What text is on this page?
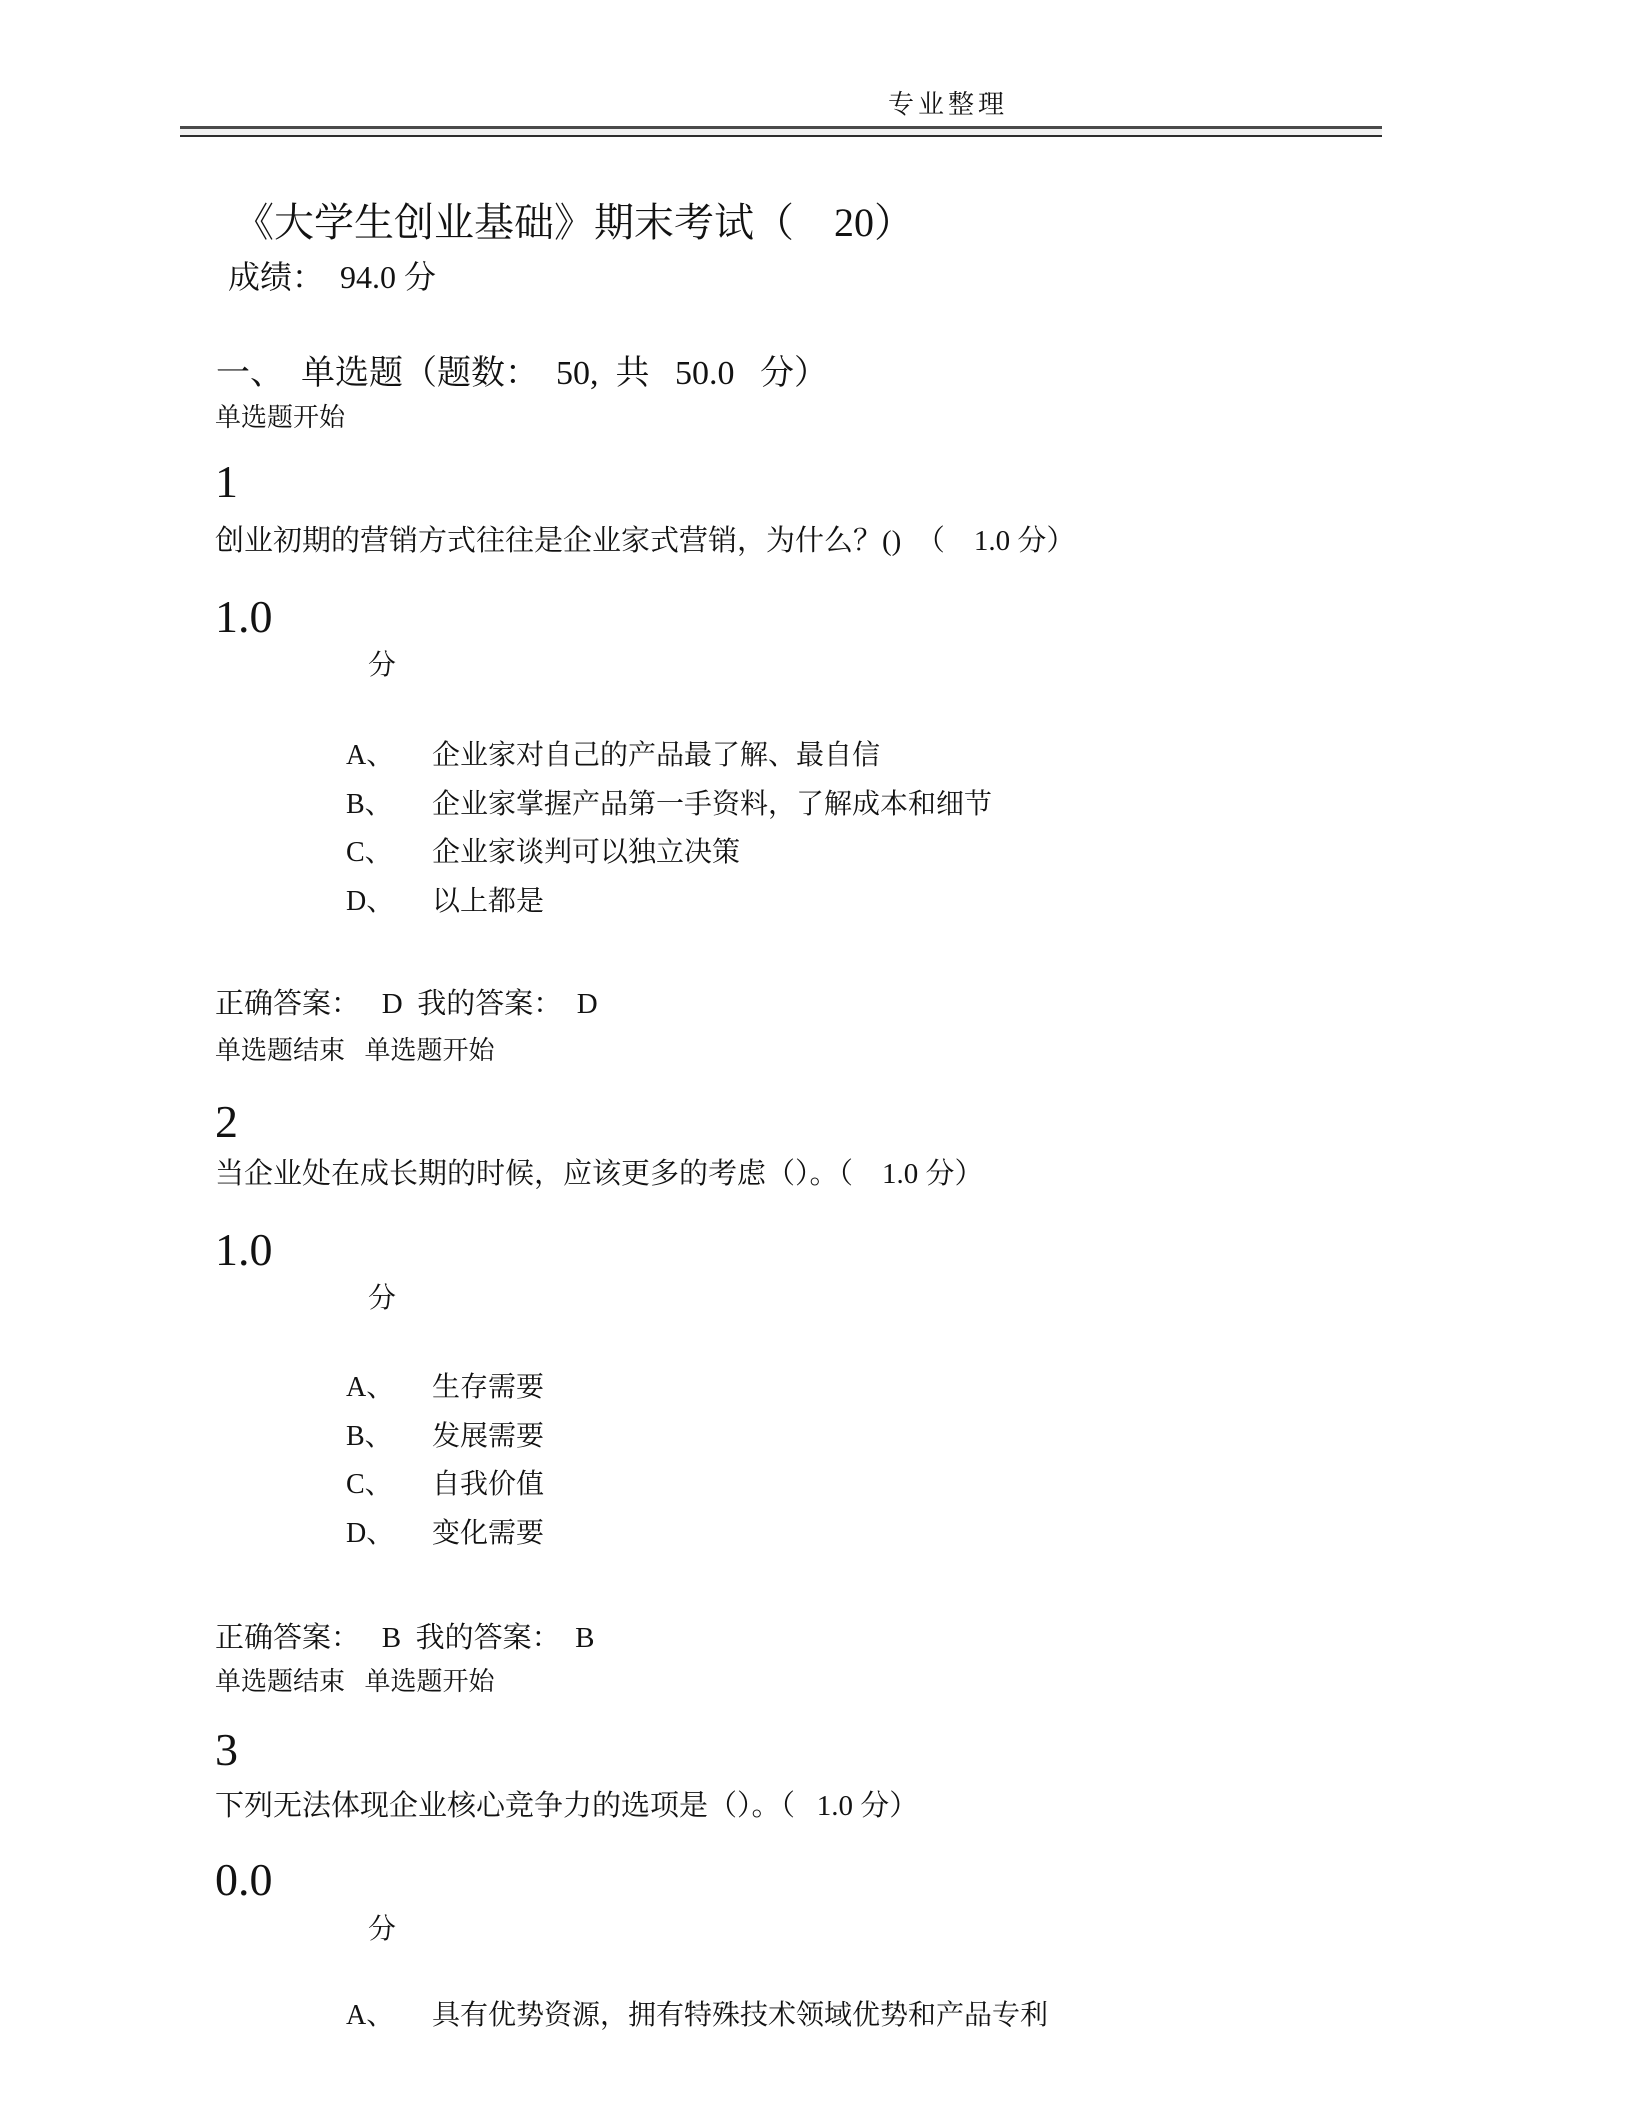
专业整理
《大学生创业基础》期末考试（    20）
成绩：  94.0 分
一、  单选题（题数：  50,  共   50.0   分）
单选题开始
1
创业初期的营销方式往往是企业家式营销，为什么？()  （    1.0 分）
1.0
分

A、 企业家对自己的产品最了解、最自信

B、 企业家掌握产品第一手资料，了解成本和细节

C、 企业家谈判可以独立决策

D、 以上都是

正确答案：   D  我的答案：  D
单选题结束   单选题开始
2
当企业处在成长期的时候，应该更多的考虑（）。（    1.0 分）
1.0
分

A、 生存需要

B、 发展需要

C、 自我价值

D、 变化需要

正确答案：   B  我的答案：  B
单选题结束   单选题开始
3
下列无法体现企业核心竞争力的选项是（）。（   1.0 分）
0.0
分

A、 具有优势资源，拥有特殊技术领域优势和产品专利
